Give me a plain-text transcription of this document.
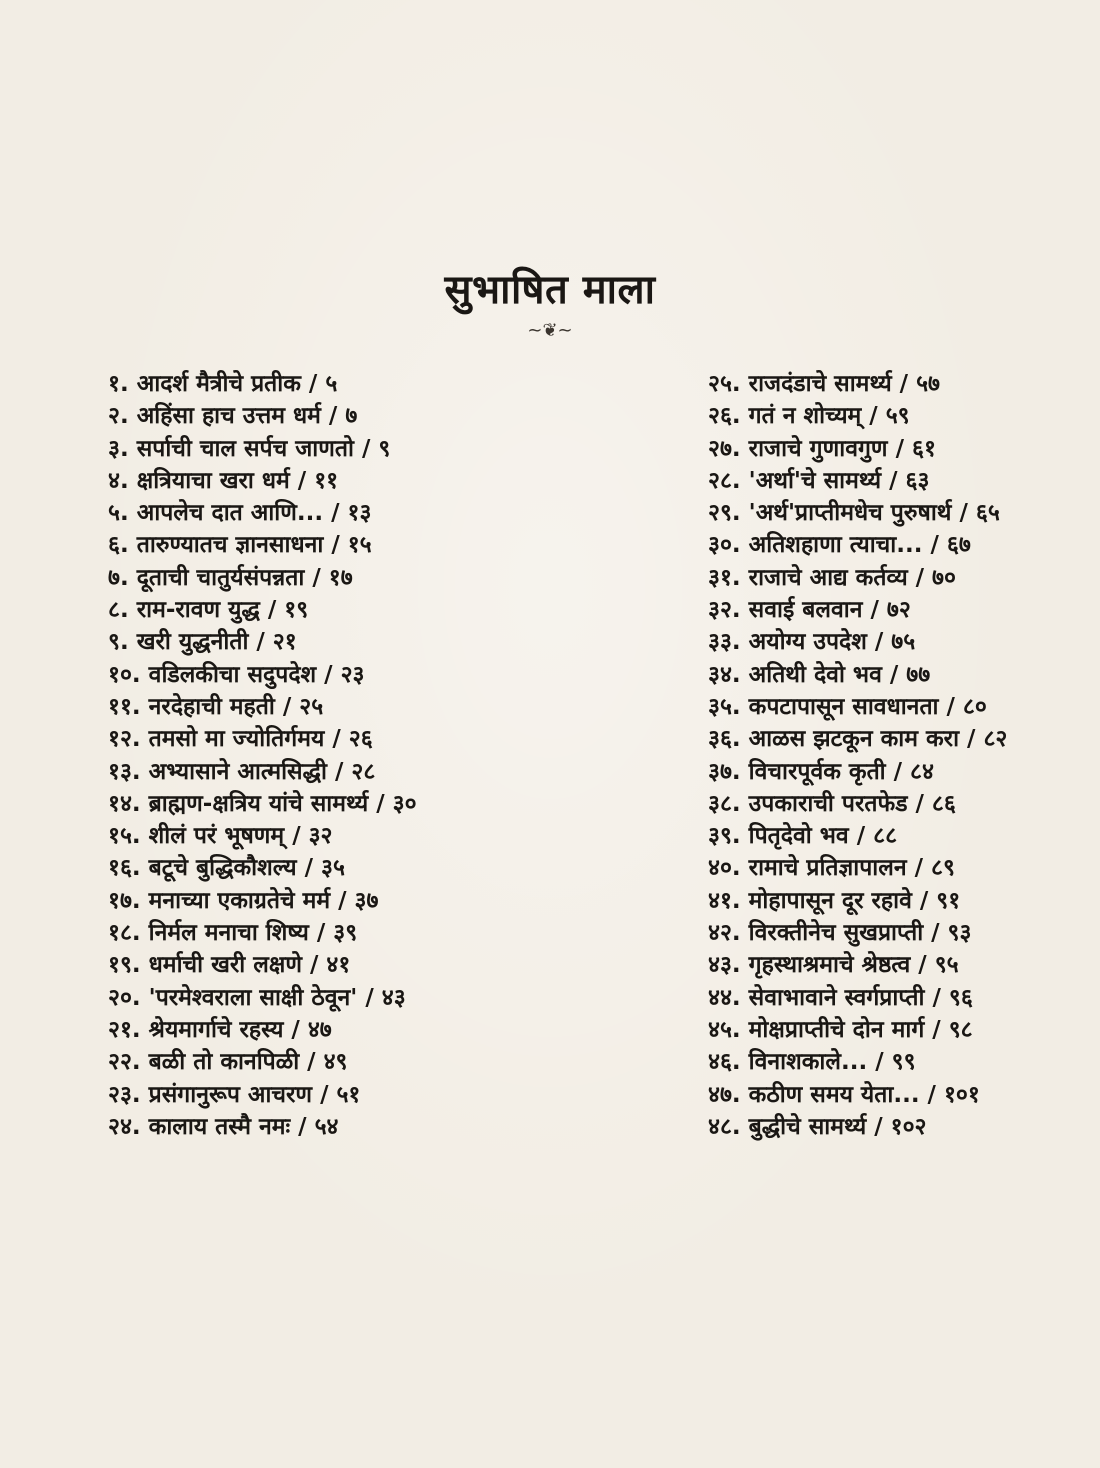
सुभाषित माला
~❦~
१. आदर्श मैत्रीचे प्रतीक / ५
२. अहिंसा हाच उत्तम धर्म / ७
३. सर्पाची चाल सर्पच जाणतो / ९
४. क्षत्रियाचा खरा धर्म / ११
५. आपलेच दात आणि... / १३
६. तारुण्यातच ज्ञानसाधना / १५
७. दूताची चातुर्यसंपन्नता / १७
८. राम-रावण युद्ध / १९
९. खरी युद्धनीती / २१
१०. वडिलकीचा सदुपदेश / २३
११. नरदेहाची महती / २५
१२. तमसो मा ज्योतिर्गमय / २६
१३. अभ्यासाने आत्मसिद्धी / २८
१४. ब्राह्मण-क्षत्रिय यांचे सामर्थ्य / ३०
१५. शीलं परं भूषणम् / ३२
१६. बटूचे बुद्धिकौशल्य / ३५
१७. मनाच्या एकाग्रतेचे मर्म / ३७
१८. निर्मल मनाचा शिष्य / ३९
१९. धर्माची खरी लक्षणे / ४१
२०. 'परमेश्वराला साक्षी ठेवून' / ४३
२१. श्रेयमार्गाचे रहस्य / ४७
२२. बळी तो कानपिळी / ४९
२३. प्रसंगानुरूप आचरण / ५१
२४. कालाय तस्मै नमः / ५४
२५. राजदंडाचे सामर्थ्य / ५७
२६. गतं न शोच्यम् / ५९
२७. राजाचे गुणावगुण / ६१
२८. 'अर्था'चे सामर्थ्य / ६३
२९. 'अर्थ'प्राप्तीमधेच पुरुषार्थ / ६५
३०. अतिशहाणा त्याचा... / ६७
३१. राजाचे आद्य कर्तव्य / ७०
३२. सवाई बलवान / ७२
३३. अयोग्य उपदेश / ७५
३४. अतिथी देवो भव / ७७
३५. कपटापासून सावधानता / ८०
३६. आळस झटकून काम करा / ८२
३७. विचारपूर्वक कृती / ८४
३८. उपकाराची परतफेड / ८६
३९. पितृदेवो भव / ८८
४०. रामाचे प्रतिज्ञापालन / ८९
४१. मोहापासून दूर रहावे / ९१
४२. विरक्तीनेच सुखप्राप्ती / ९३
४३. गृहस्थाश्रमाचे श्रेष्ठत्व / ९५
४४. सेवाभावाने स्वर्गप्राप्ती / ९६
४५. मोक्षप्राप्तीचे दोन मार्ग / ९८
४६. विनाशकाले... / ९९
४७. कठीण समय येता... / १०१
४८. बुद्धीचे सामर्थ्य / १०२
